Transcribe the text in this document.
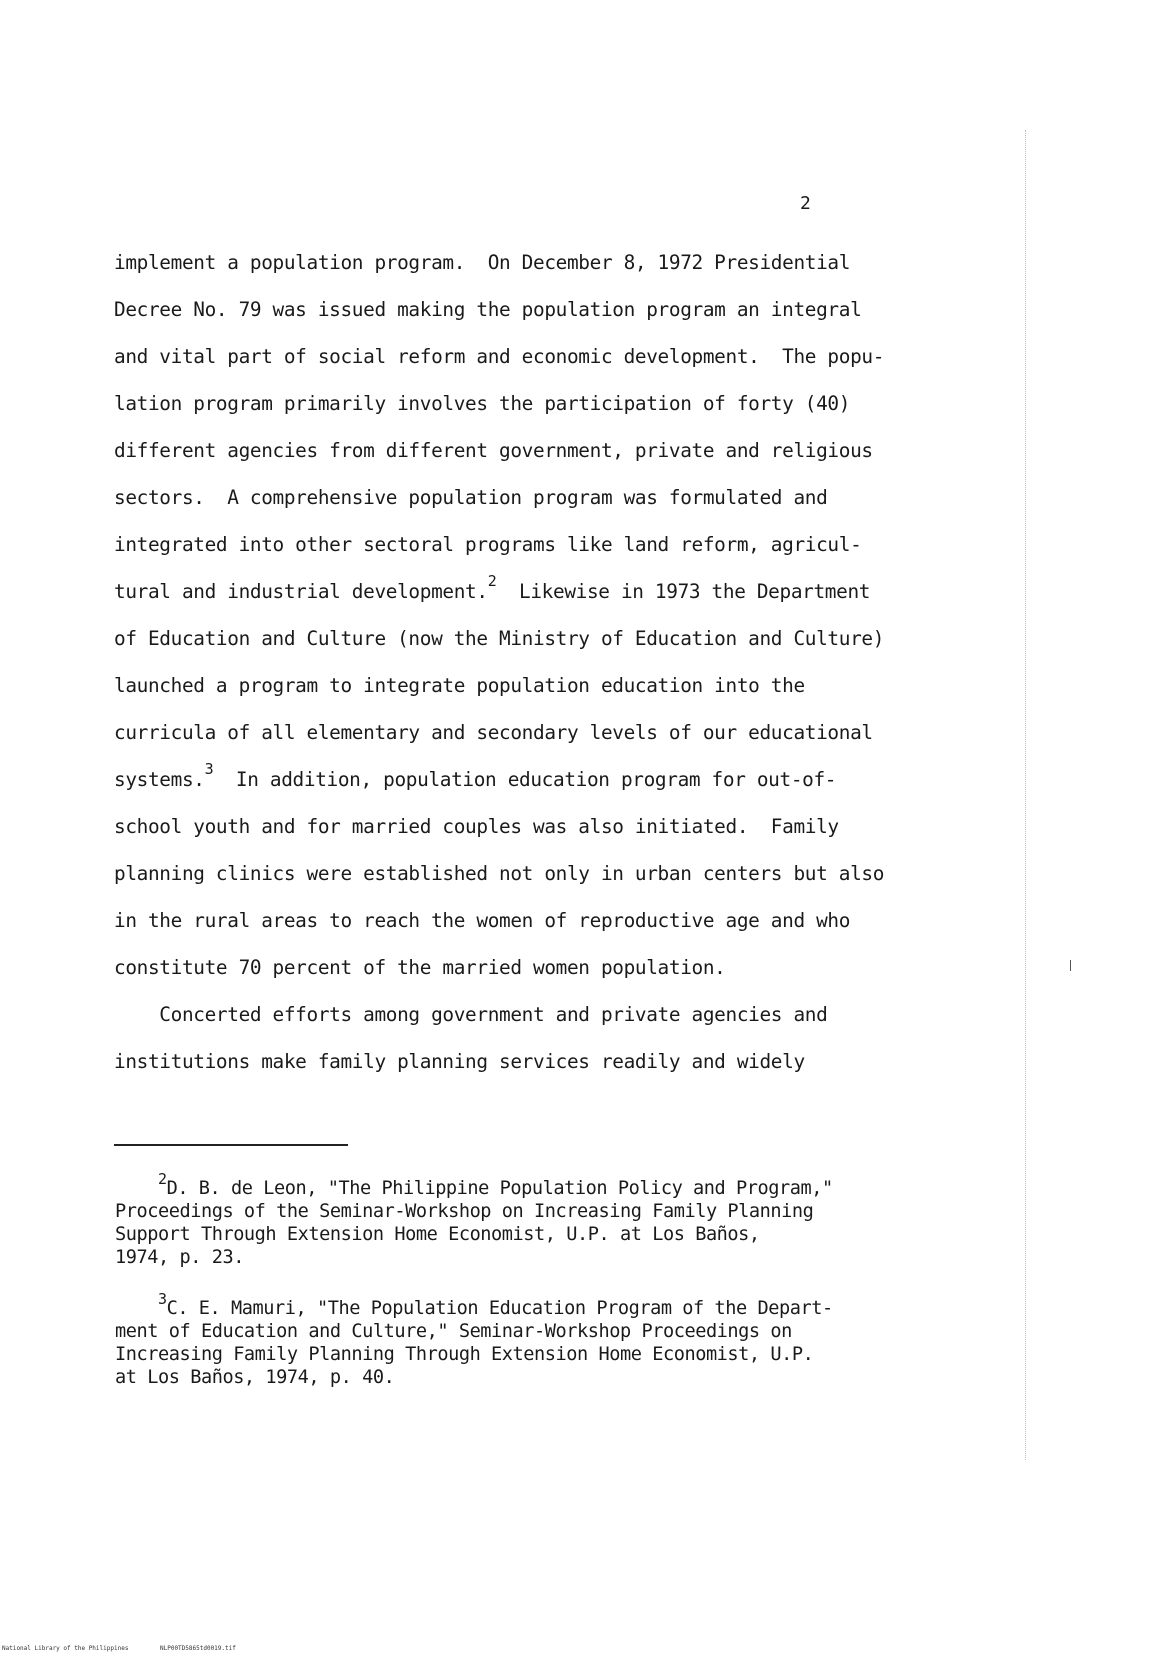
2
implement a population program.  On December 8, 1972 Presidential
Decree No. 79 was issued making the population program an integral
and vital part of social reform and economic development.  The popu-
lation program primarily involves the participation of forty (40)
different agencies from different government, private and religious
sectors.  A comprehensive population program was formulated and
integrated into other sectoral programs like land reform, agricul-
tural and industrial development.$^2$  Likewise in 1973 the Department
of Education and Culture (now the Ministry of Education and Culture)
launched a program to integrate population education into the
curricula of all elementary and secondary levels of our educational
systems.$^3$  In addition, population education program for out-of-
school youth and for married couples was also initiated.  Family
planning clinics were established not only in urban centers but also
in the rural areas to reach the women of reproductive age and who
constitute 70 percent of the married women population.
Concerted efforts among government and private agencies and
institutions make family planning services readily and widely
$^2$D. B. de Leon, "The Philippine Population Policy and Program,"
Proceedings of the Seminar-Workshop on Increasing Family Planning
Support Through Extension Home Economist, U.P. at Los Baños,
1974, p. 23.
$^3$C. E. Mamuri, "The Population Education Program of the Depart-
ment of Education and Culture," Seminar-Workshop Proceedings on
Increasing Family Planning Through Extension Home Economist, U.P.
at Los Baños, 1974, p. 40.
National Library of the Philippines	NLP00TD5865td0019.tif
